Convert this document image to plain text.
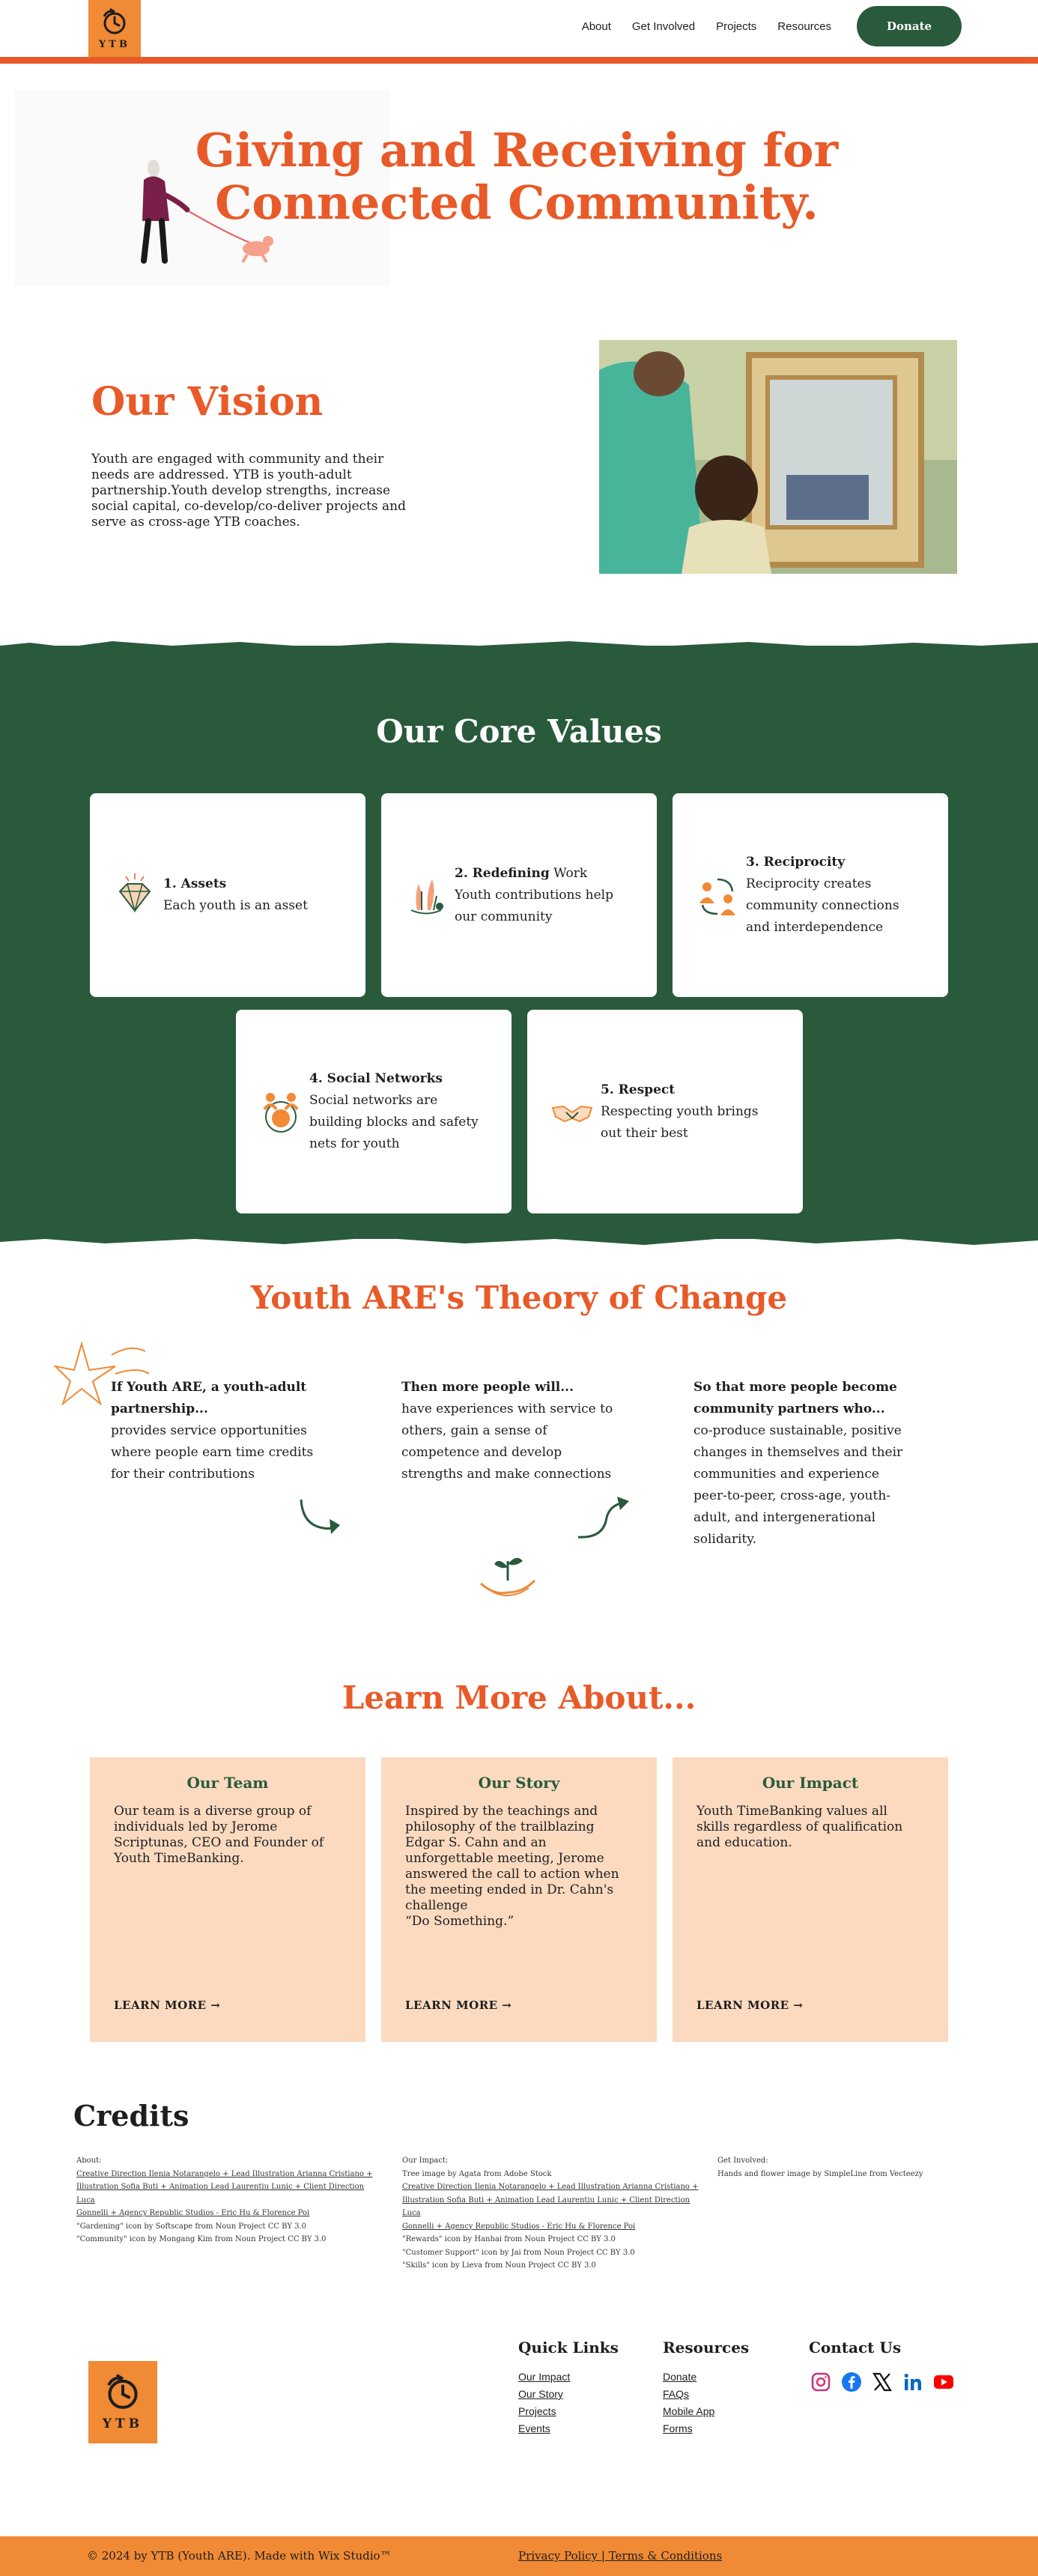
YTB
About Get Involved Projects Resources	Donate
Giving and Receiving for
Connected Community.
Our Vision
Youth are engaged with community and their needs are addressed. YTB is youth-adult partnership.Youth develop strengths, increase social capital, co-develop/co-deliver projects and serve as cross-age YTB coaches.
Our Core Values
1. Assets
Each youth is an asset
2. Redefining Work
Youth contributions help our community
3. Reciprocity
Reciprocity creates community connections and interdependence
4. Social Networks
Social networks are building blocks and safety nets for youth
5. Respect
Respecting youth brings out their best
Youth ARE's Theory of Change
If Youth ARE, a youth-adult partnership...
provides service opportunities where people earn time credits for their contributions
Then more people will...
have experiences with service to others, gain a sense of competence and develop strengths and make connections
So that more people become community partners who...
co-produce sustainable, positive changes in themselves and their communities and experience peer-to-peer, cross-age, youth-adult, and intergenerational solidarity.
Learn More About...
Our Team
Our team is a diverse group of individuals led by Jerome Scriptunas, CEO and Founder of Youth TimeBanking.
LEARN MORE →
Our Story
Inspired by the teachings and philosophy of the trailblazing Edgar S. Cahn and an unforgettable meeting, Jerome answered the call to action when the meeting ended in Dr. Cahn's challenge
“Do Something.”
LEARN MORE →
Our Impact
Youth TimeBanking values all skills regardless of qualification and education.
LEARN MORE →
Credits
About:
Creative Direction Ilenia Notarangelo + Lead Illustration Arianna Cristiano +
Illustration Sofia Buti + Animation Lead Laurentiu Lunic + Client Direction Luca
Gonnelli + Agency Republic Studios - Eric Hu & Florence Poi
"Gardening" icon by Softscape from Noun Project CC BY 3.0
"Community" icon by Mongang Kim from Noun Project CC BY 3.0
Our Impact:
Tree image by Agata from Adobe Stock
Creative Direction Ilenia Notarangelo + Lead Illustration Arianna Cristiano +
Illustration Sofia Buti + Animation Lead Laurentiu Lunic + Client Direction Luca
Gonnelli + Agency Republic Studios - Eric Hu & Florence Poi
"Rewards" icon by Hanhai from Noun Project CC BY 3.0
"Customer Support" icon by Jai from Noun Project CC BY 3.0
"Skills" icon by Lieva from Noun Project CC BY 3.0
Get Involved:
Hands and flower image by SimpleLine from Vecteezy
YTB
Quick Links
Our Impact
Our Story
Projects
Events
Resources
Donate
FAQs
Mobile App
Forms
Contact Us
© 2024 by YTB (Youth ARE). Made with Wix Studio™	Privacy Policy | Terms & Conditions
